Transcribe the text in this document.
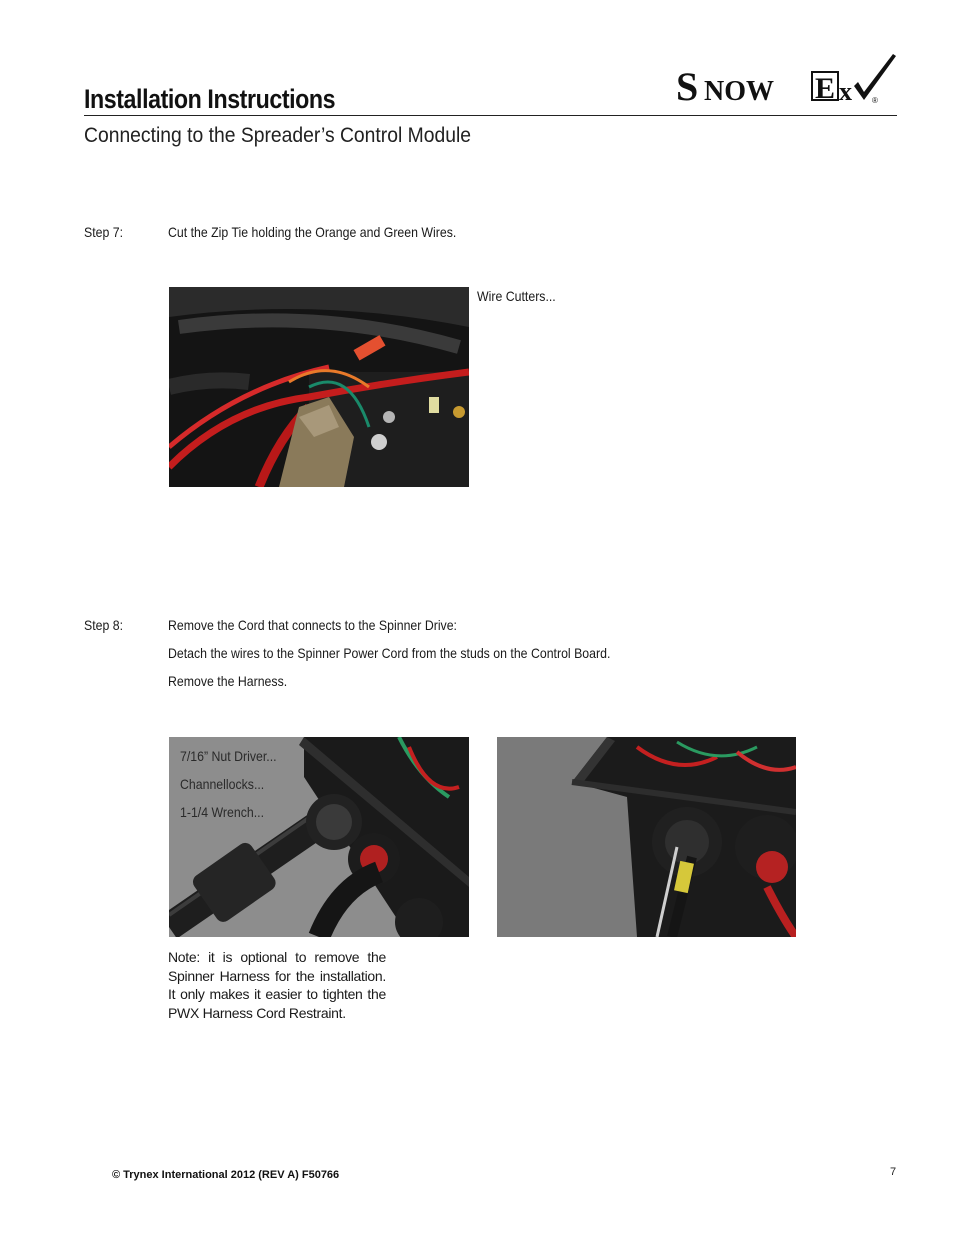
Installation Instructions
Connecting to the Spreader’s Control Module
S NOW E x	®
Step 7:	Cut the Zip Tie holding the Orange and Green Wires.
Wire Cutters...
Step 8:	Remove the Cord that connects to the Spinner Drive:
Detach the wires to the Spinner Power Cord from the studs on the Control Board.
Remove the Harness.
7/16” Nut Driver...
Channellocks...
1-1/4 Wrench...
Note: it is optional to remove the Spinner Harness for the installation. It only makes it easier to tighten the PWX Harness Cord Restraint.
© Trynex International 2012 (REV A) F50766	7
